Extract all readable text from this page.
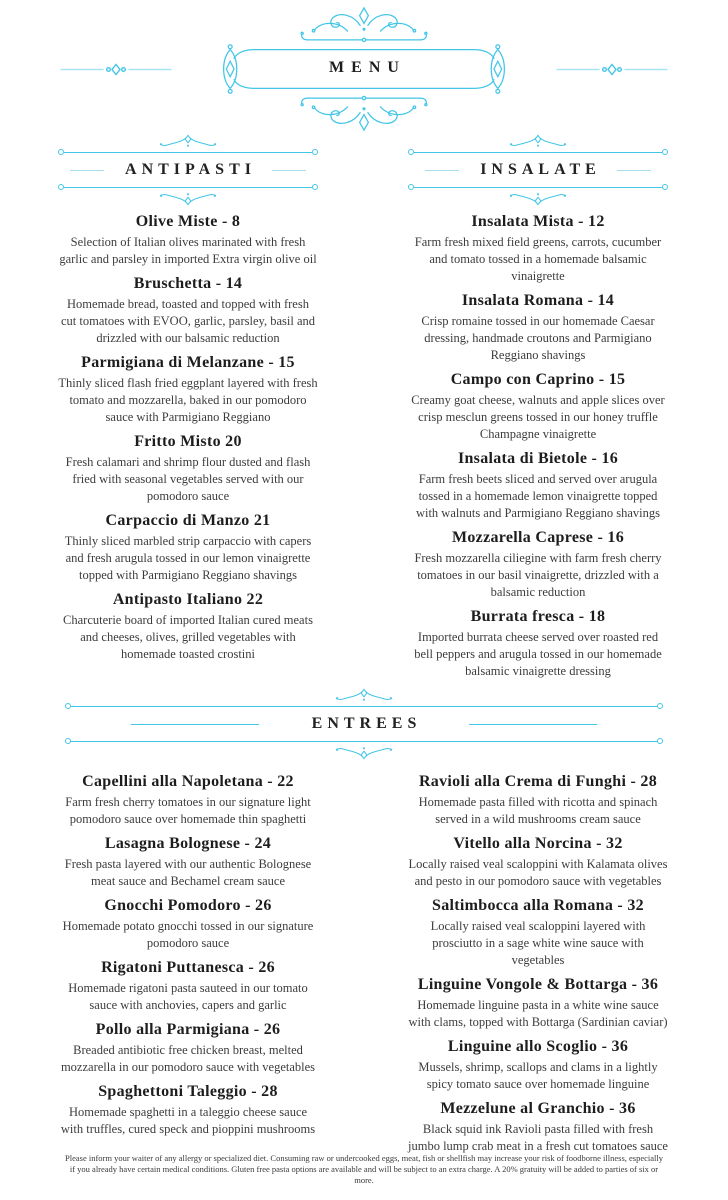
MENU
ANTIPASTI
Olive Miste - 8

Selection of Italian olives marinated with fresh garlic and parsley in imported Extra virgin olive oil

Bruschetta - 14

Homemade bread, toasted and topped with fresh cut tomatoes with EVOO, garlic, parsley, basil and drizzled with our balsamic reduction

Parmigiana di Melanzane - 15

Thinly sliced flash fried eggplant layered with fresh tomato and mozzarella, baked in our pomodoro sauce with Parmigiano Reggiano

Fritto Misto 20

Fresh calamari and shrimp flour dusted and flash fried with seasonal vegetables served with our pomodoro sauce

Carpaccio di Manzo 21

Thinly sliced marbled strip carpaccio with capers and fresh arugula tossed in our lemon vinaigrette topped with Parmigiano Reggiano shavings

Antipasto Italiano 22

Charcuterie board of imported Italian cured meats and cheeses, olives, grilled vegetables with homemade toasted crostini

INSALATE
Insalata Mista - 12

Farm fresh mixed field greens, carrots, cucumber and tomato tossed in a homemade balsamic vinaigrette

Insalata Romana - 14

Crisp romaine tossed in our homemade Caesar dressing, handmade croutons and Parmigiano Reggiano shavings

Campo con Caprino - 15

Creamy goat cheese, walnuts and apple slices over crisp mesclun greens tossed in our honey truffle Champagne vinaigrette

Insalata di Bietole - 16

Farm fresh beets sliced and served over arugula tossed in a homemade lemon vinaigrette topped with walnuts and Parmigiano Reggiano shavings

Mozzarella Caprese - 16

Fresh mozzarella ciliegine with farm fresh cherry tomatoes in our basil vinaigrette, drizzled with a balsamic reduction

Burrata fresca - 18

Imported burrata cheese served over roasted red bell peppers and arugula tossed in our homemade balsamic vinaigrette dressing

ENTREES
Capellini alla Napoletana - 22

Farm fresh cherry tomatoes in our signature light pomodoro sauce over homemade thin spaghetti

Lasagna Bolognese - 24

Fresh pasta layered with our authentic Bolognese meat sauce and Bechamel cream sauce

Gnocchi Pomodoro - 26

Homemade potato gnocchi tossed in our signature pomodoro sauce

Rigatoni Puttanesca - 26

Homemade rigatoni pasta sauteed in our tomato sauce with anchovies, capers and garlic

Pollo alla Parmigiana - 26

Breaded antibiotic free chicken breast, melted mozzarella in our pomodoro sauce with vegetables

Spaghettoni Taleggio - 28

Homemade spaghetti in a taleggio cheese sauce with truffles, cured speck and pioppini mushrooms

Ravioli alla Crema di Funghi - 28

Homemade pasta filled with ricotta and spinach served in a wild mushrooms cream sauce

Vitello alla Norcina - 32

Locally raised veal scaloppini with Kalamata olives and pesto in our pomodoro sauce with vegetables

Saltimbocca alla Romana - 32

Locally raised veal scaloppini layered with prosciutto in a sage white wine sauce with vegetables

Linguine Vongole & Bottarga - 36

Homemade linguine pasta in a white wine sauce with clams, topped with Bottarga (Sardinian caviar)

Linguine allo Scoglio - 36

Mussels, shrimp, scallops and clams in a lightly spicy tomato sauce over homemade linguine

Mezzelune al Granchio - 36

Black squid ink Ravioli pasta filled with fresh jumbo lump crab meat in a fresh cut tomatoes sauce

Please inform your waiter of any allergy or specialized diet. Consuming raw or undercooked eggs, meat, fish or shellfish may increase your risk of foodborne illness, especially if you already have certain medical conditions. Gluten free pasta options are available and will be subject to an extra charge. A 20% gratuity will be added to parties of six or more.
